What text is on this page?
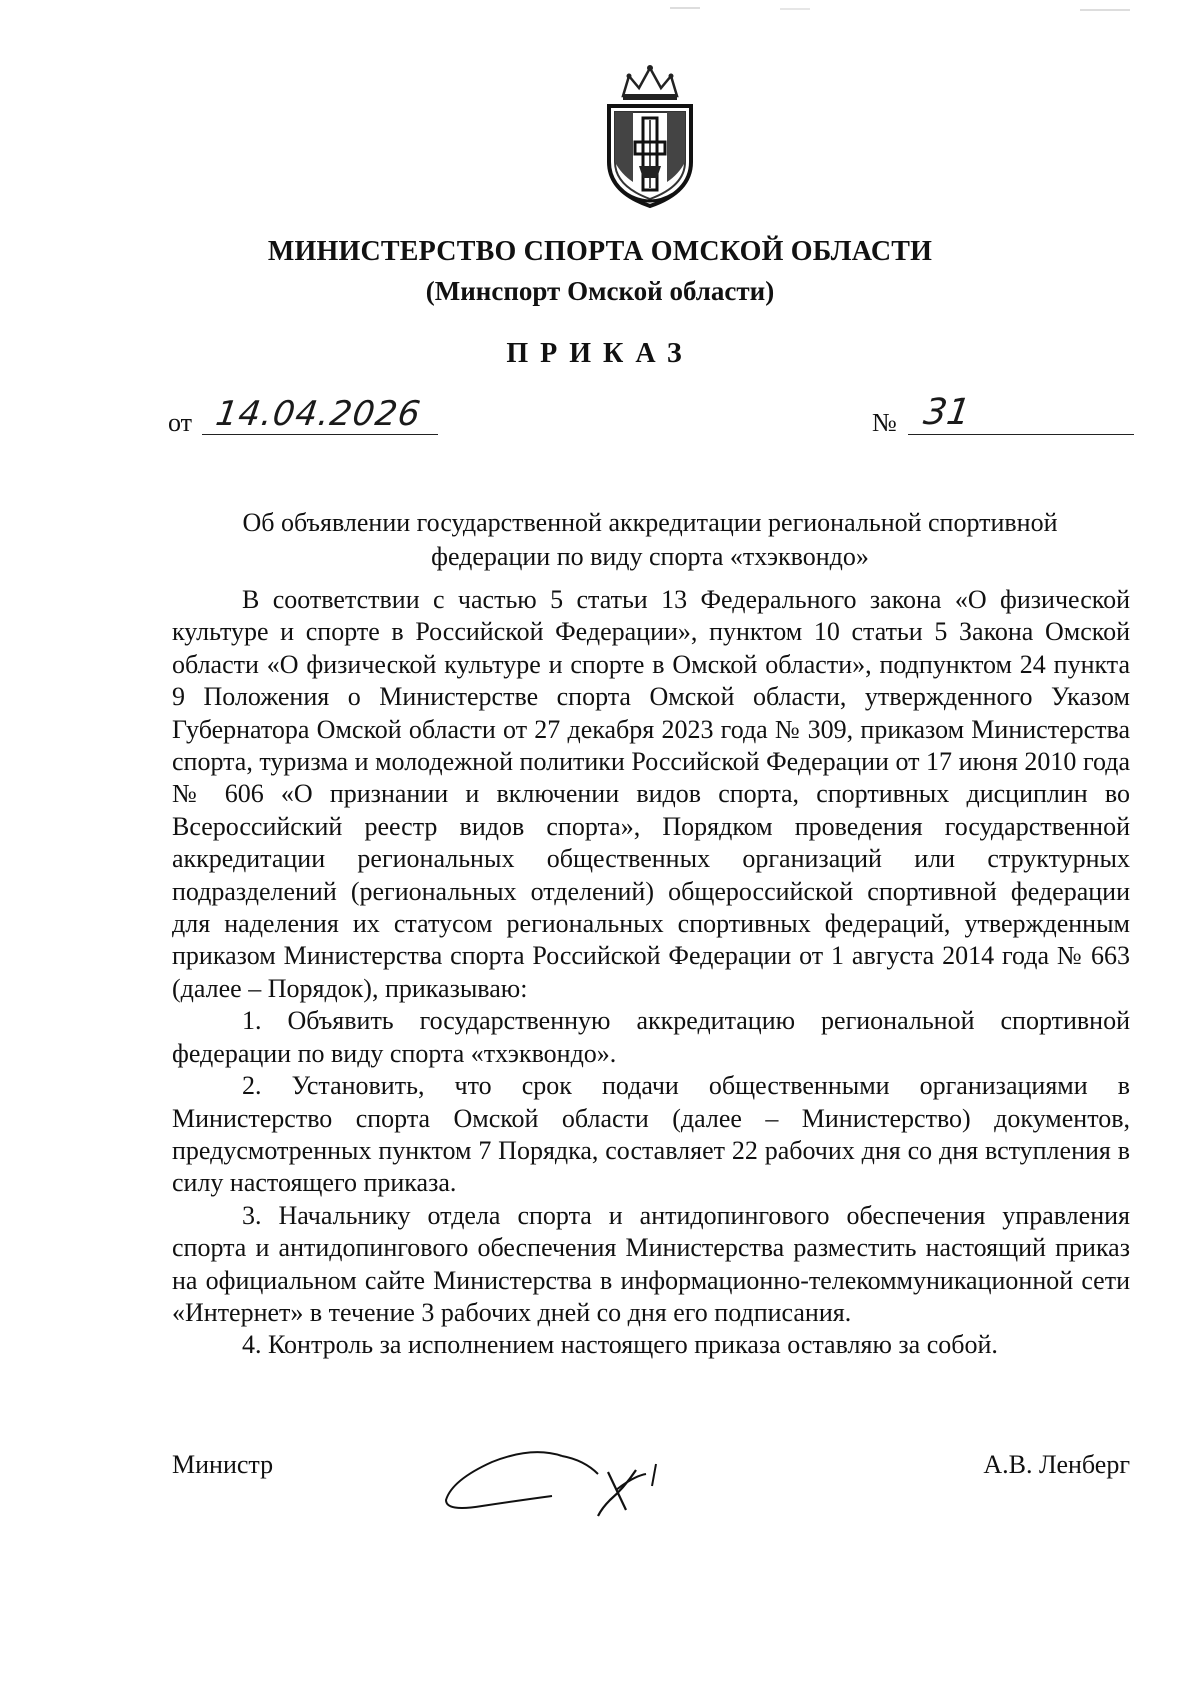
МИНИСТЕРСТВО СПОРТА ОМСКОЙ ОБЛАСТИ
(Минспорт Омской области)
ПРИКАЗ
от 14.04.2026	№ 31
Об объявлении государственной аккредитации региональной спортивной
федерации по виду спорта «тхэквондо»

В соответствии с частью 5 статьи 13 Федерального закона «О физической культуре и спорте в Российской Федерации», пунктом 10 статьи 5 Закона Омской области «О физической культуре и спорте в Омской области», подпунктом 24 пункта 9 Положения о Министерстве спорта Омской области, утвержденного Указом Губернатора Омской области от 27 декабря 2023 года № 309, приказом Министерства спорта, туризма и молодежной политики Российской Федерации от 17 июня 2010 года № 606 «О признании и включении видов спорта, спортивных дисциплин во Всероссийский реестр видов спорта», Порядком проведения государственной аккредитации региональных общественных организаций или структурных подразделений (региональных отделений) общероссийской спортивной федерации для наделения их статусом региональных спортивных федераций, утвержденным приказом Министерства спорта Российской Федерации от 1 августа 2014 года № 663 (далее – Порядок), приказываю:

1. Объявить государственную аккредитацию региональной спортивной федерации по виду спорта «тхэквондо».

2. Установить, что срок подачи общественными организациями в Министерство спорта Омской области (далее – Министерство) документов, предусмотренных пунктом 7 Порядка, составляет 22 рабочих дня со дня вступления в силу настоящего приказа.

3. Начальнику отдела спорта и антидопингового обеспечения управления спорта и антидопингового обеспечения Министерства разместить настоящий приказ на официальном сайте Министерства в информационно-телекоммуникационной сети «Интернет» в течение 3 рабочих дней со дня его подписания.

4. Контроль за исполнением настоящего приказа оставляю за собой.

Министр	А.В. Ленберг
